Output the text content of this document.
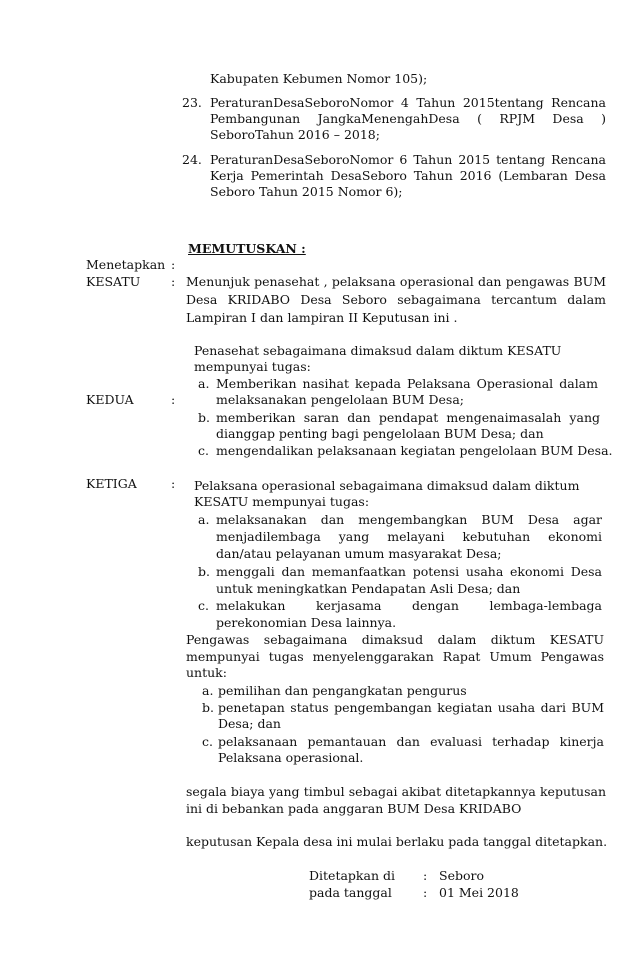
Kabupaten Kebumen Nomor 105);
23. PeraturanDesaSeboroNomor 4 Tahun 2015tentang Rencana
Pembangunan JangkaMenengahDesa ( RPJM Desa )
SeboroTahun 2016 – 2018;
24. PeraturanDesaSeboroNomor 6 Tahun 2015 tentang Rencana
Kerja Pemerintah DesaSeboro Tahun 2016 (Lembaran Desa
Seboro Tahun 2015 Nomor 6);
MEMUTUSKAN :
Menetapkan :
KESATU : Menunjuk penasehat , pelaksana operasional dan pengawas BUM
Desa KRIDABO Desa Seboro sebagaimana tercantum dalam
Lampiran I dan lampiran II Keputusan ini .
Penasehat sebagaimana dimaksud dalam diktum KESATU
mempunyai tugas:
a. Memberikan nasihat kepada Pelaksana Operasional dalam
melaksanakan pengelolaan BUM Desa;
KEDUA	:
b. memberikan saran dan pendapat mengenaimasalah yang
dianggap penting bagi pengelolaan BUM Desa; dan
c. mengendalikan pelaksanaan kegiatan pengelolaan BUM Desa.
KETIGA	: Pelaksana operasional sebagaimana dimaksud dalam diktum
KESATU mempunyai tugas:
a. melaksanakan dan mengembangkan BUM Desa agar
menjadilembaga yang melayani kebutuhan ekonomi
dan/atau pelayanan umum masyarakat Desa;
b. menggali dan memanfaatkan potensi usaha ekonomi Desa
untuk meningkatkan Pendapatan Asli Desa; dan
c. melakukan kerjasama dengan lembaga-lembaga
perekonomian Desa lainnya.
Pengawas sebagaimana dimaksud dalam diktum KESATU
mempunyai tugas menyelenggarakan Rapat Umum Pengawas
untuk:
a. pemilihan dan pengangkatan pengurus
b. penetapan status pengembangan kegiatan usaha dari BUM
Desa; dan
c. pelaksanaan pemantauan dan evaluasi terhadap kinerja
Pelaksana operasional.
segala biaya yang timbul sebagai akibat ditetapkannya keputusan
ini di bebankan pada anggaran BUM Desa KRIDABO
keputusan Kepala desa ini mulai berlaku pada tanggal ditetapkan.
Ditetapkan di : Seboro
pada tanggal : 01 Mei 2018
